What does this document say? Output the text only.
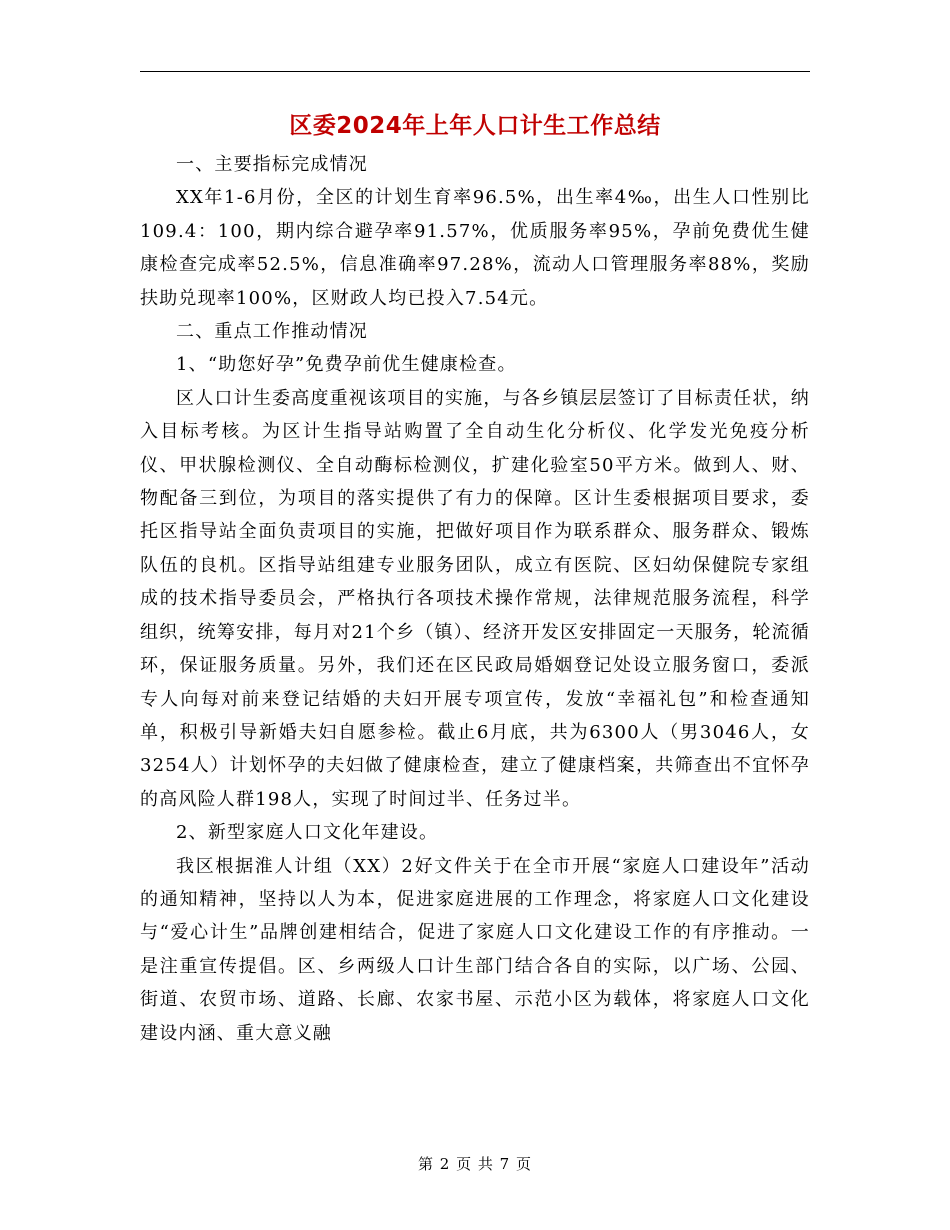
区委2024年上年人口计生工作总结

一、主要指标完成情况

XX年1-6月份，全区的计划生育率96.5%，出生率4‰，出生人口性别比109.4：100，期内综合避孕率91.57%，优质服务率95%，孕前免费优生健康检查完成率52.5%，信息准确率97.28%，流动人口管理服务率88%，奖励扶助兑现率100%，区财政人均已投入7.54元。

二、重点工作推动情况

1、“助您好孕”免费孕前优生健康检查。

区人口计生委高度重视该项目的实施，与各乡镇层层签订了目标责任状，纳入目标考核。为区计生指导站购置了全自动生化分析仪、化学发光免疫分析仪、甲状腺检测仪、全自动酶标检测仪，扩建化验室50平方米。做到人、财、物配备三到位，为项目的落实提供了有力的保障。区计生委根据项目要求，委托区指导站全面负责项目的实施，把做好项目作为联系群众、服务群众、锻炼队伍的良机。区指导站组建专业服务团队，成立有医院、区妇幼保健院专家组成的技术指导委员会，严格执行各项技术操作常规，法律规范服务流程，科学组织，统筹安排，每月对21个乡（镇）、经济开发区安排固定一天服务，轮流循环，保证服务质量。另外，我们还在区民政局婚姻登记处设立服务窗口，委派专人向每对前来登记结婚的夫妇开展专项宣传，发放“幸福礼包”和检查通知单，积极引导新婚夫妇自愿参检。截止6月底，共为6300人（男3046人，女3254人）计划怀孕的夫妇做了健康检查，建立了健康档案，共筛查出不宜怀孕的高风险人群198人，实现了时间过半、任务过半。

2、新型家庭人口文化年建设。

我区根据淮人计组（XX）2好文件关于在全市开展“家庭人口建设年”活动的通知精神，坚持以人为本，促进家庭进展的工作理念，将家庭人口文化建设与“爱心计生”品牌创建相结合，促进了家庭人口文化建设工作的有序推动。一是注重宣传提倡。区、乡两级人口计生部门结合各自的实际，以广场、公园、街道、农贸市场、道路、长廊、农家书屋、示范小区为载体，将家庭人口文化建设内涵、重大意义融

第 2 页 共 7 页
